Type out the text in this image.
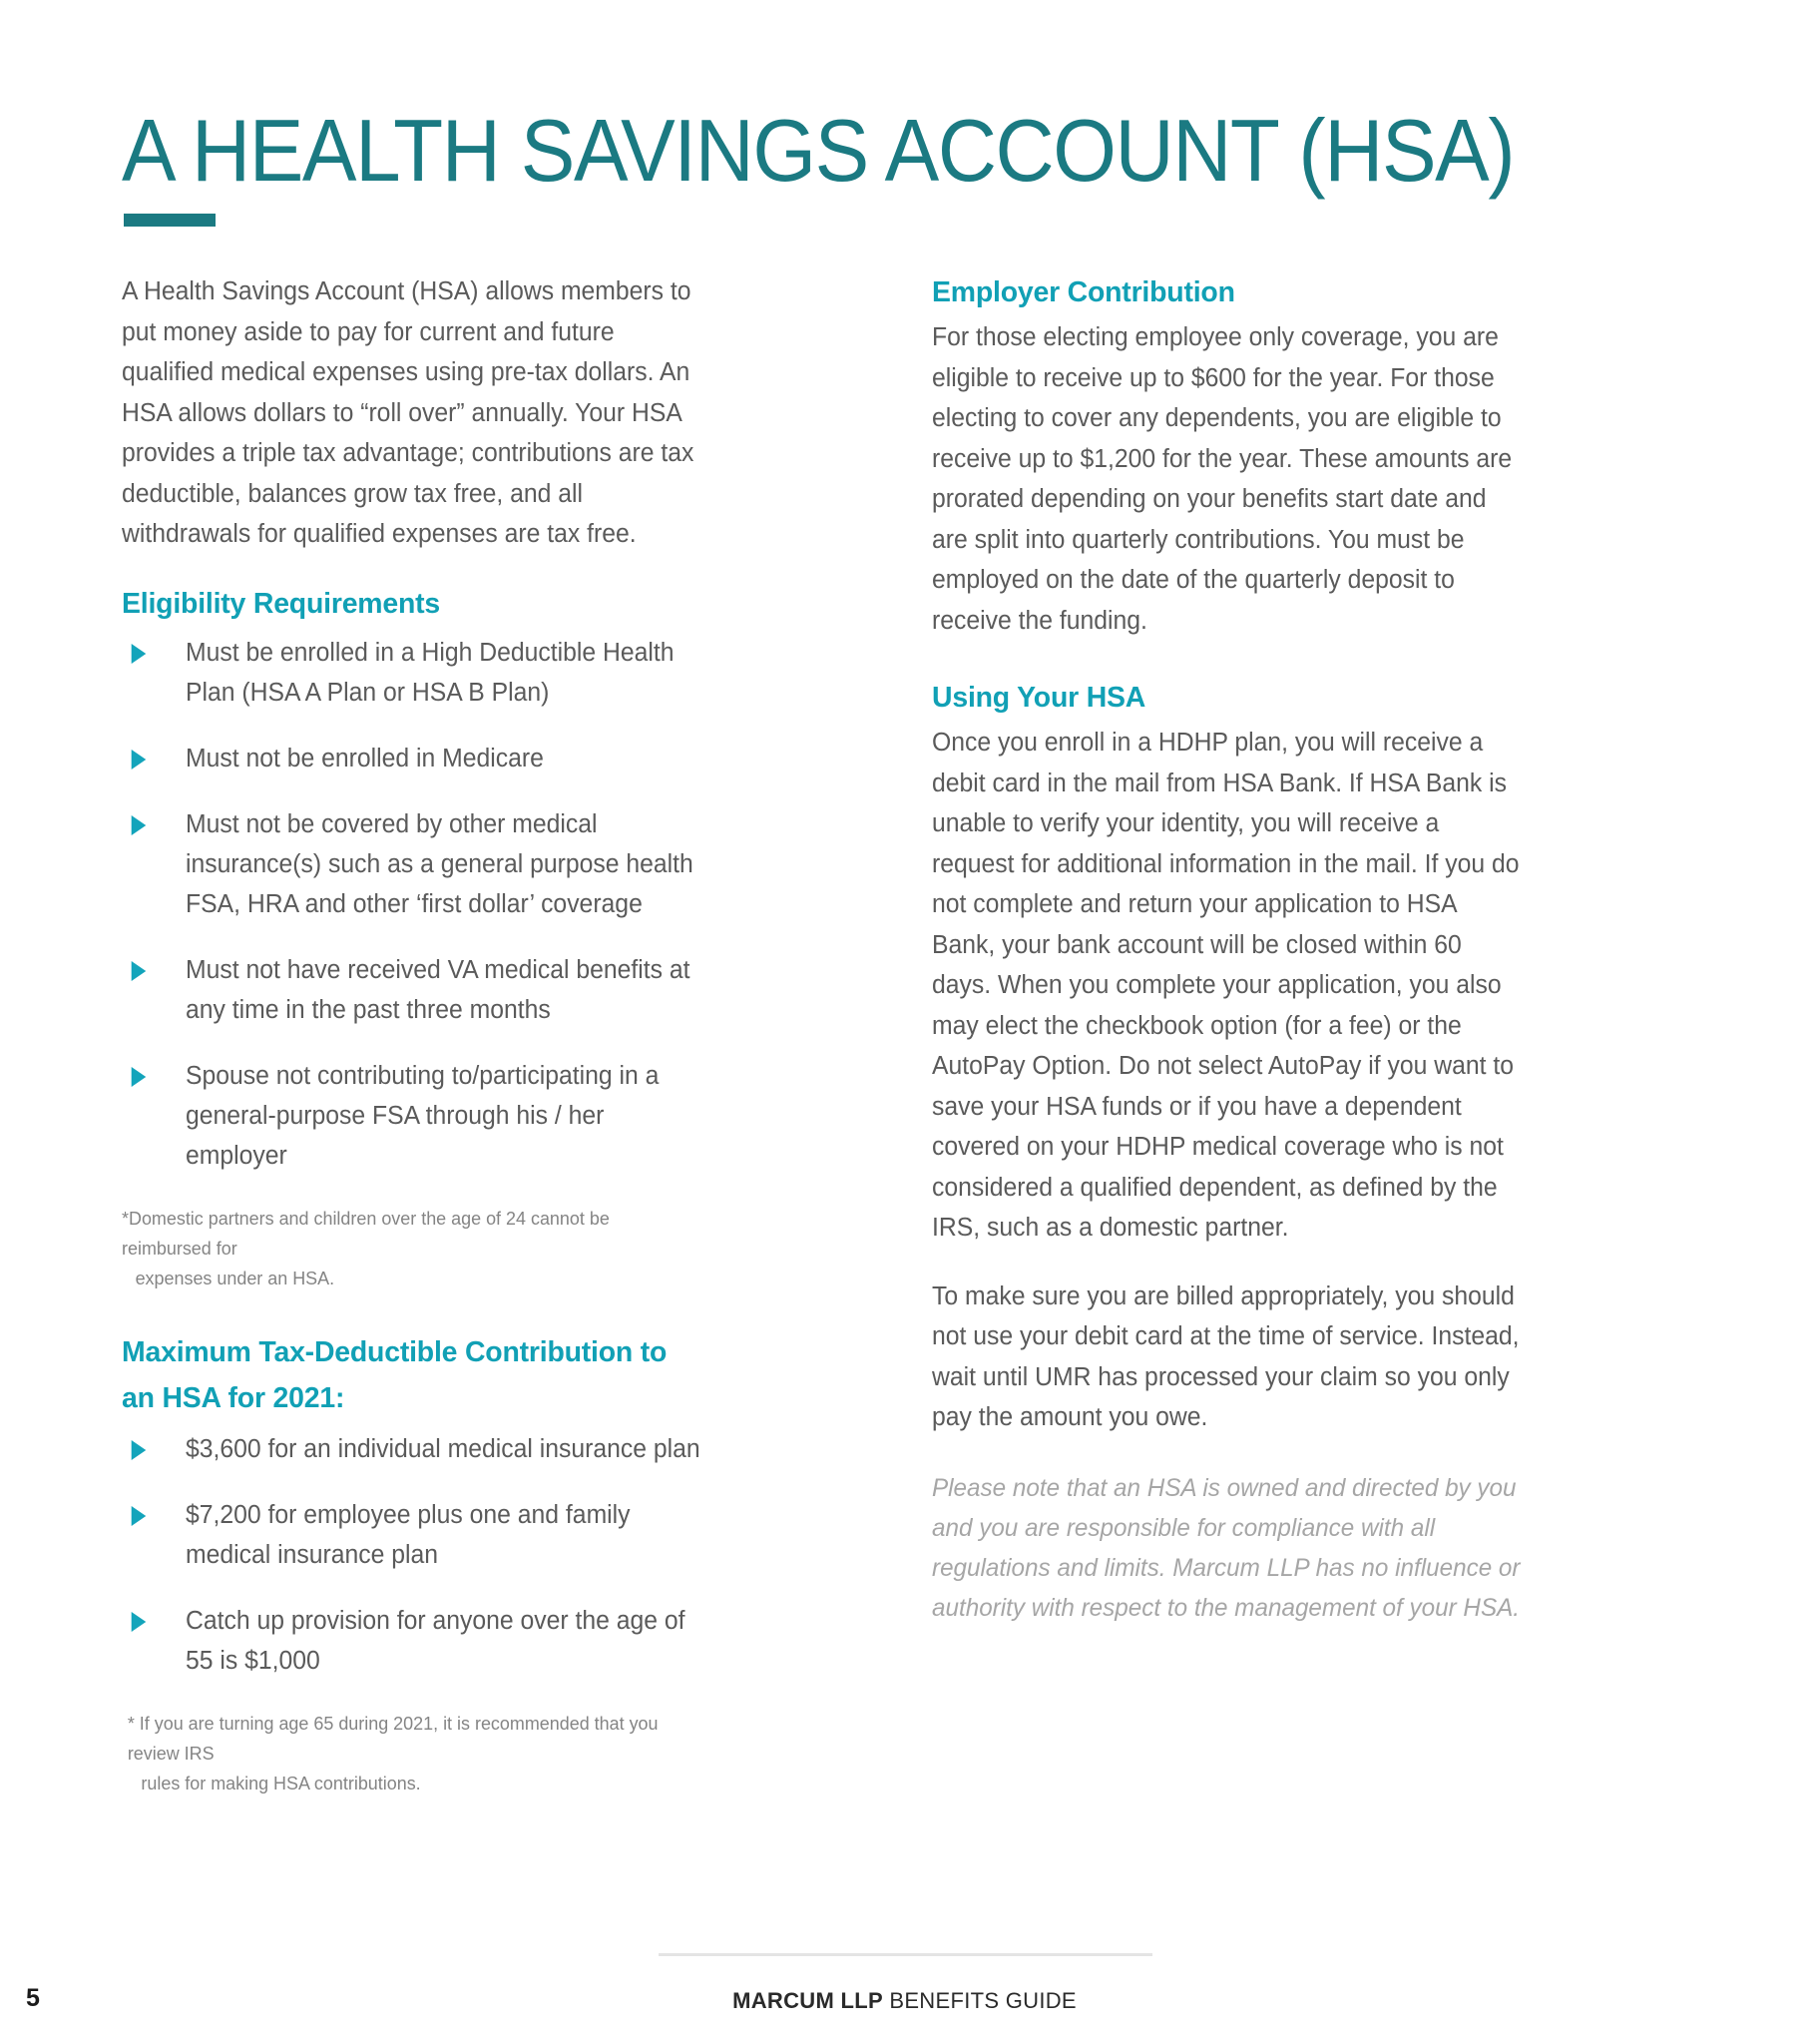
A HEALTH SAVINGS ACCOUNT (HSA)

A Health Savings Account (HSA) allows members to put money aside to pay for current and future qualified medical expenses using pre-tax dollars. An HSA allows dollars to “roll over” annually. Your HSA provides a triple tax advantage; contributions are tax deductible, balances grow tax free, and all withdrawals for qualified expenses are tax free.

Eligibility Requirements
Must be enrolled in a High Deductible Health Plan (HSA A Plan or HSA B Plan)
Must not be enrolled in Medicare
Must not be covered by other medical insurance(s) such as a general purpose health FSA, HRA and other ‘first dollar’ coverage
Must not have received VA medical benefits at any time in the past three months
Spouse not contributing to/participating in a general-purpose FSA through his / her employer

*Domestic partners and children over the age of 24 cannot be reimbursed for
expenses under an HSA.

Maximum Tax-Deductible Contribution to
an HSA for 2021:
$3,600 for an individual medical insurance plan
$7,200 for employee plus one and family medical insurance plan
Catch up provision for anyone over the age of 55 is $1,000

* If you are turning age 65 during 2021, it is recommended that you review IRS
rules for making HSA contributions.

Employer Contribution

For those electing employee only coverage, you are eligible to receive up to $600 for the year. For those electing to cover any dependents, you are eligible to receive up to $1,200 for the year. These amounts are prorated depending on your benefits start date and are split into quarterly contributions. You must be employed on the date of the quarterly deposit to receive the funding.

Using Your HSA

Once you enroll in a HDHP plan, you will receive a debit card in the mail from HSA Bank. If HSA Bank is unable to verify your identity, you will receive a request for additional information in the mail. If you do not complete and return your application to HSA Bank, your bank account will be closed within 60 days. When you complete your application, you also may elect the checkbook option (for a fee) or the AutoPay Option. Do not select AutoPay if you want to save your HSA funds or if you have a dependent covered on your HDHP medical coverage who is not considered a qualified dependent, as defined by the IRS, such as a domestic partner.

To make sure you are billed appropriately, you should not use your debit card at the time of service. Instead, wait until UMR has processed your claim so you only pay the amount you owe.

Please note that an HSA is owned and directed by you and you are responsible for compliance with all regulations and limits. Marcum LLP has no influence or authority with respect to the management of your HSA.

5	MARCUM LLP BENEFITS GUIDE
